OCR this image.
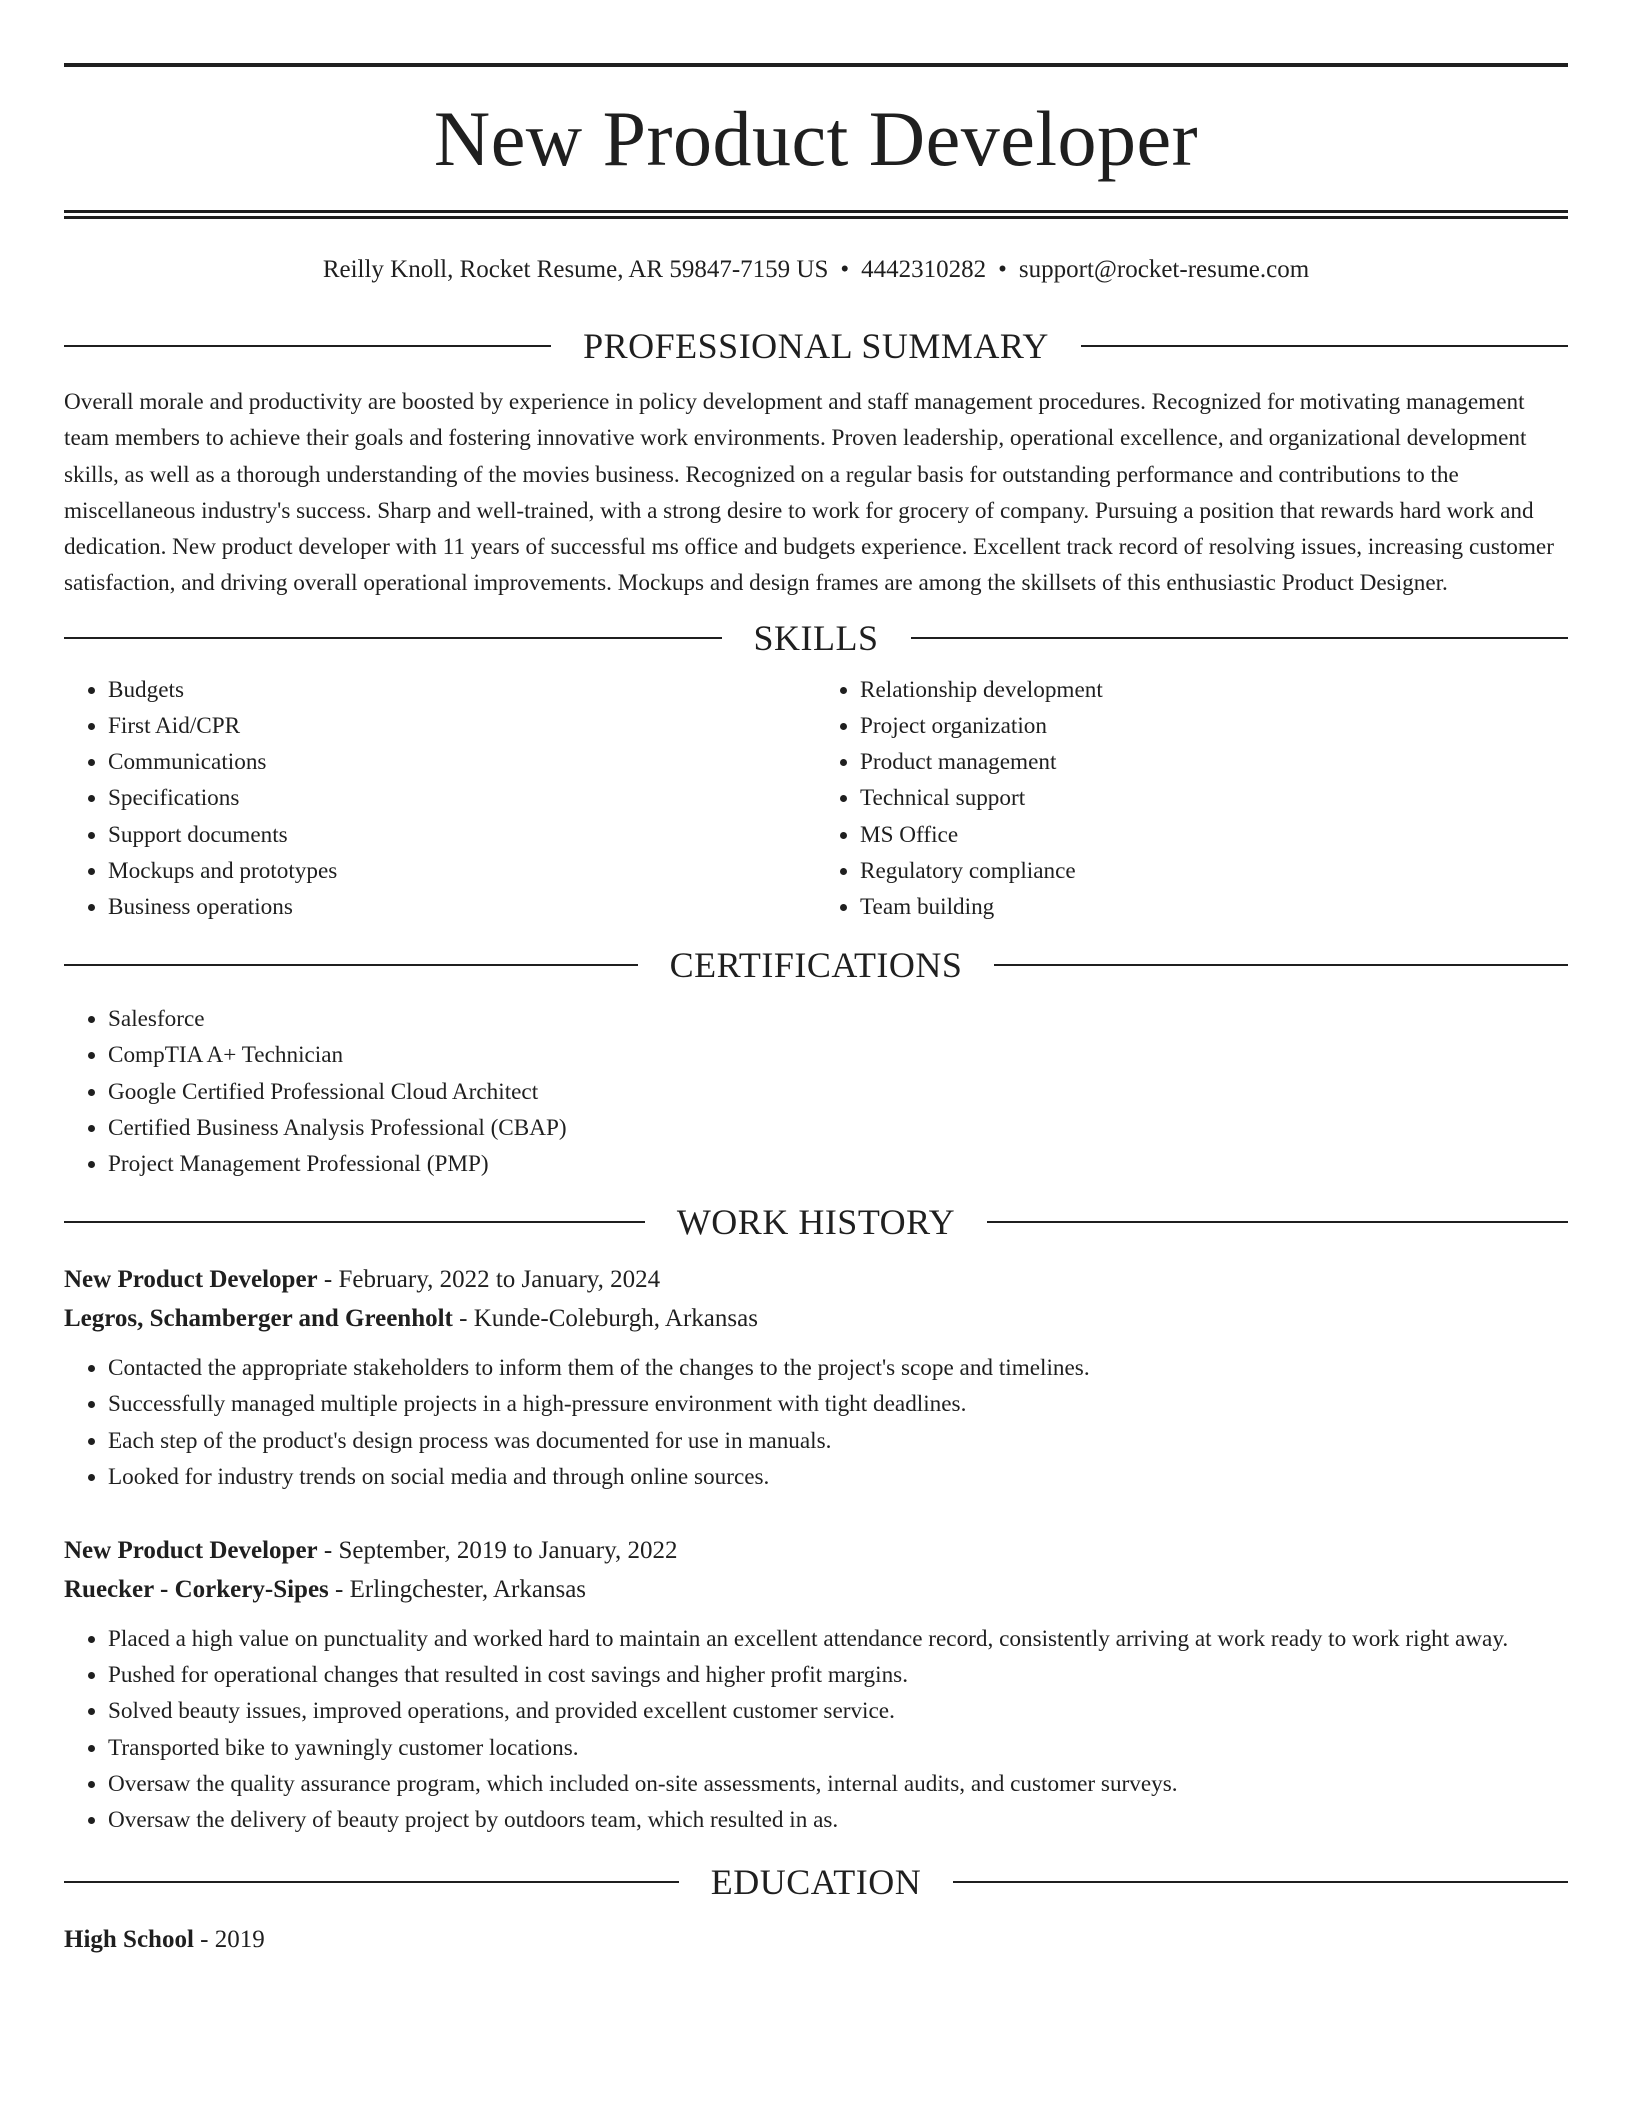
New Product Developer
Reilly Knoll, Rocket Resume, AR 59847-7159 US • 4442310282 • support@rocket-resume.com
PROFESSIONAL SUMMARY
Overall morale and productivity are boosted by experience in policy development and staff management procedures. Recognized for motivating management team members to achieve their goals and fostering innovative work environments. Proven leadership, operational excellence, and organizational development skills, as well as a thorough understanding of the movies business. Recognized on a regular basis for outstanding performance and contributions to the miscellaneous industry's success. Sharp and well-trained, with a strong desire to work for grocery of company. Pursuing a position that rewards hard work and dedication. New product developer with 11 years of successful ms office and budgets experience. Excellent track record of resolving issues, increasing customer satisfaction, and driving overall operational improvements. Mockups and design frames are among the skillsets of this enthusiastic Product Designer.
SKILLS
• Budgets
• First Aid/CPR
• Communications
• Specifications
• Support documents
• Mockups and prototypes
• Business operations
• Relationship development
• Project organization
• Product management
• Technical support
• MS Office
• Regulatory compliance
• Team building
CERTIFICATIONS
• Salesforce
• CompTIA A+ Technician
• Google Certified Professional Cloud Architect
• Certified Business Analysis Professional (CBAP)
• Project Management Professional (PMP)
WORK HISTORY
New Product Developer - February, 2022 to January, 2024
Legros, Schamberger and Greenholt - Kunde-Coleburgh, Arkansas
• Contacted the appropriate stakeholders to inform them of the changes to the project's scope and timelines.
• Successfully managed multiple projects in a high-pressure environment with tight deadlines.
• Each step of the product's design process was documented for use in manuals.
• Looked for industry trends on social media and through online sources.
New Product Developer - September, 2019 to January, 2022
Ruecker - Corkery-Sipes - Erlingchester, Arkansas
• Placed a high value on punctuality and worked hard to maintain an excellent attendance record, consistently arriving at work ready to work right away.
• Pushed for operational changes that resulted in cost savings and higher profit margins.
• Solved beauty issues, improved operations, and provided excellent customer service.
• Transported bike to yawningly customer locations.
• Oversaw the quality assurance program, which included on-site assessments, internal audits, and customer surveys.
• Oversaw the delivery of beauty project by outdoors team, which resulted in as.
EDUCATION
High School - 2019
